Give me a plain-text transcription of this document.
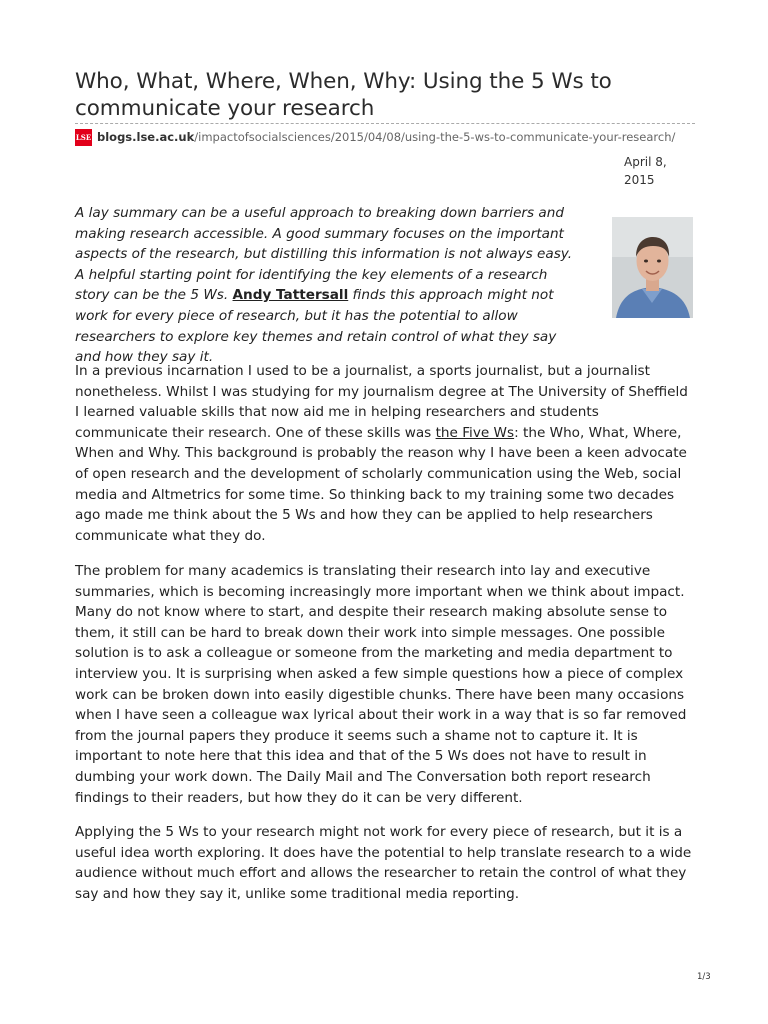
Who, What, Where, When, Why: Using the 5 Ws to communicate your research
LSE blogs.lse.ac.uk /impactofsocialsciences/2015/04/08/using-the-5-ws-to-communicate-your-research/
April 8,
2015

A lay summary can be a useful approach to breaking down barriers and making research accessible. A good summary focuses on the important aspects of the research, but distilling this information is not always easy. A helpful starting point for identifying the key elements of a research story can be the 5 Ws. Andy Tattersall finds this approach might not work for every piece of research, but it has the potential to allow researchers to explore key themes and retain control of what they say and how they say it.

In a previous incarnation I used to be a journalist, a sports journalist, but a journalist nonetheless. Whilst I was studying for my journalism degree at The University of Sheffield I learned valuable skills that now aid me in helping researchers and students communicate their research. One of these skills was the Five Ws: the Who, What, Where, When and Why. This background is probably the reason why I have been a keen advocate of open research and the development of scholarly communication using the Web, social media and Altmetrics for some time. So thinking back to my training some two decades ago made me think about the 5 Ws and how they can be applied to help researchers communicate what they do.

The problem for many academics is translating their research into lay and executive summaries, which is becoming increasingly more important when we think about impact. Many do not know where to start, and despite their research making absolute sense to them, it still can be hard to break down their work into simple messages. One possible solution is to ask a colleague or someone from the marketing and media department to interview you. It is surprising when asked a few simple questions how a piece of complex work can be broken down into easily digestible chunks. There have been many occasions when I have seen a colleague wax lyrical about their work in a way that is so far removed from the journal papers they produce it seems such a shame not to capture it. It is important to note here that this idea and that of the 5 Ws does not have to result in dumbing your work down. The Daily Mail and The Conversation both report research findings to their readers, but how they do it can be very different.

Applying the 5 Ws to your research might not work for every piece of research, but it is a useful idea worth exploring. It does have the potential to help translate research to a wide audience without much effort and allows the researcher to retain the control of what they say and how they say it, unlike some traditional media reporting.

1/3
